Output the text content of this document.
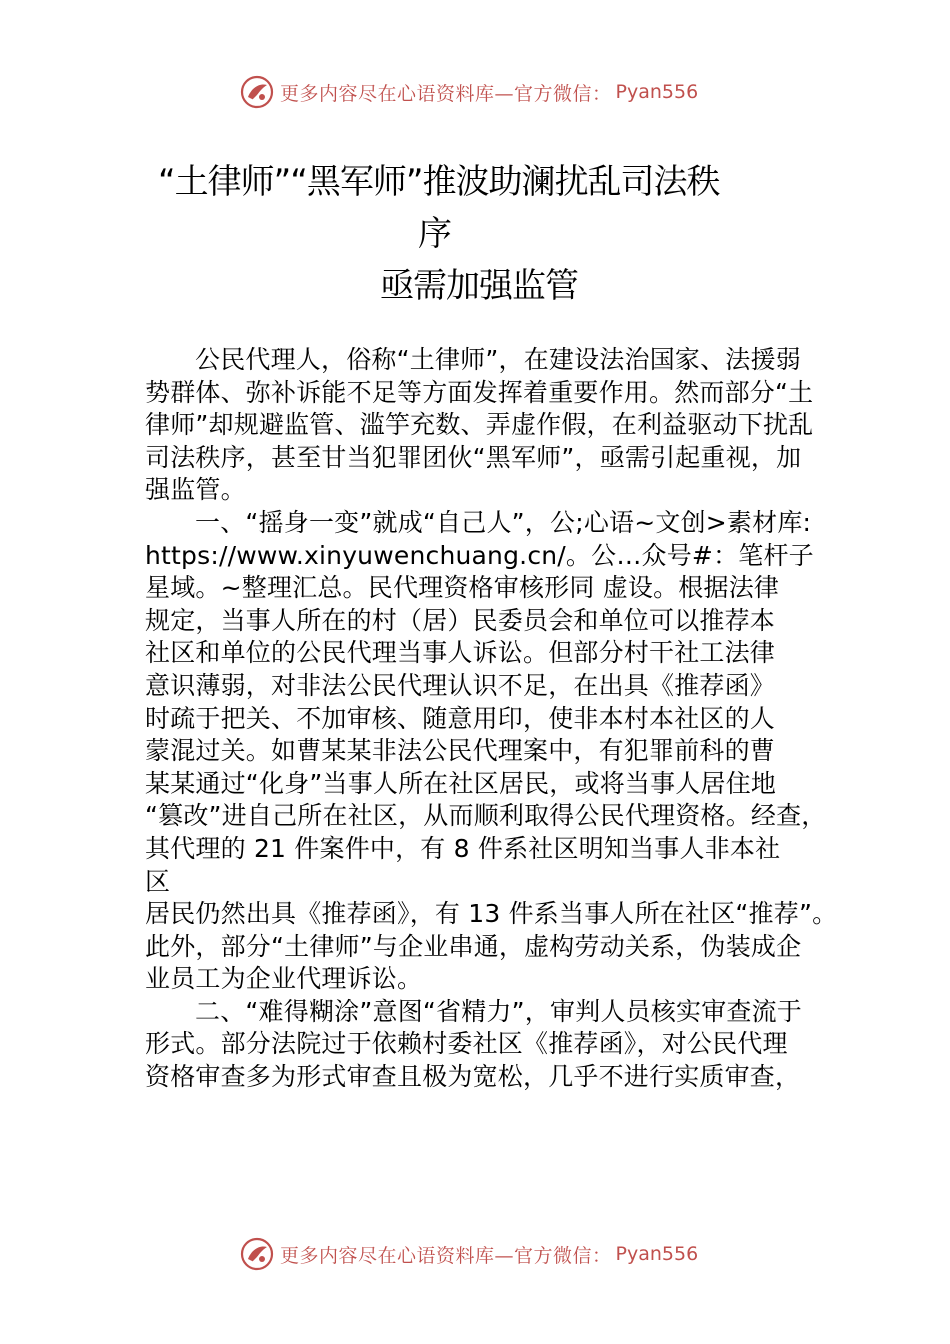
更多内容尽在心语资料库—官方微信： Pyan556
“土律师”“黑军师”推波助澜扰乱司法秩
序
亟需加强监管
公民代理人，俗称“土律师”，在建设法治国家、法援弱
势群体、弥补诉能不足等方面发挥着重要作用。然而部分“土
律师”却规避监管、滥竽充数、弄虚作假，在利益驱动下扰乱
司法秩序，甚至甘当犯罪团伙“黑军师”，亟需引起重视，加
强监管。
一、“摇身一变”就成“自己人”，公;心语~文创>素材库:
https://www.xinyuwenchuang.cn/。公…众号#：笔杆子
星域。~整理汇总。民代理资格审核形同 虚设。根据法律
规定，当事人所在的村（居）民委员会和单位可以推荐本
社区和单位的公民代理当事人诉讼。但部分村干社工法律
意识薄弱，对非法公民代理认识不足，在出具《推荐函》
时疏于把关、不加审核、随意用印，使非本村本社区的人
蒙混过关。如曹某某非法公民代理案中，有犯罪前科的曹
某某通过“化身”当事人所在社区居民，或将当事人居住地
“篡改”进自己所在社区，从而顺利取得公民代理资格。经查，
其代理的 21 件案件中，有 8 件系社区明知当事人非本社
区
居民仍然出具《推荐函》，有 13 件系当事人所在社区“推荐”。
此外，部分“土律师”与企业串通，虚构劳动关系，伪装成企
业员工为企业代理诉讼。
二、“难得糊涂”意图“省精力”，审判人员核实审查流于
形式。部分法院过于依赖村委社区《推荐函》，对公民代理
资格审查多为形式审查且极为宽松，几乎不进行实质审查，
更多内容尽在心语资料库—官方微信： Pyan556
